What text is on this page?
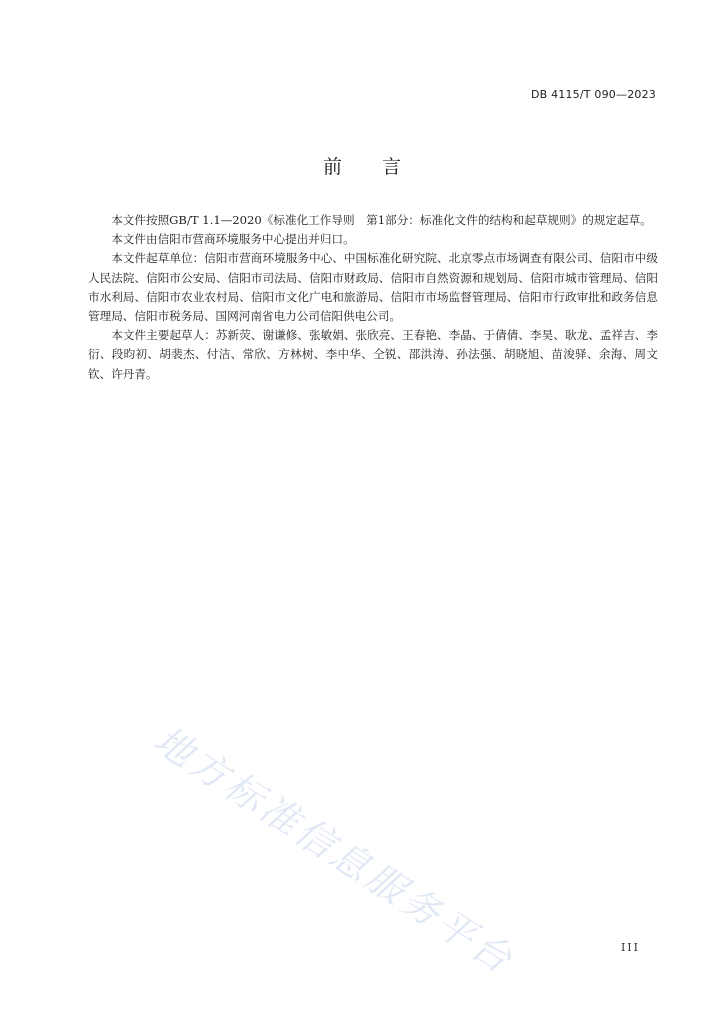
DB 4115/T 090—2023
前言

本文件按照GB/T 1.1—2020《标准化工作导则　第1部分：标准化文件的结构和起草规则》的规定起草。

本文件由信阳市营商环境服务中心提出并归口。

本文件起草单位：信阳市营商环境服务中心、中国标准化研究院、北京零点市场调查有限公司、信阳市中级人民法院、信阳市公安局、信阳市司法局、信阳市财政局、信阳市自然资源和规划局、信阳市城市管理局、信阳市水利局、信阳市农业农村局、信阳市文化广电和旅游局、信阳市市场监督管理局、信阳市行政审批和政务信息管理局、信阳市税务局、国网河南省电力公司信阳供电公司。

本文件主要起草人：苏新荧、谢谦修、张敏娟、张欣亮、王春艳、李晶、于倩倩、李昊、耿龙、孟祥吉、李衍、段昀初、胡裴杰、付洁、常欣、方林树、李中华、仝锐、邵洪涛、孙法强、胡晓旭、苗浚驿、余海、周文钦、许丹青。

地方标准信息服务平台	III
